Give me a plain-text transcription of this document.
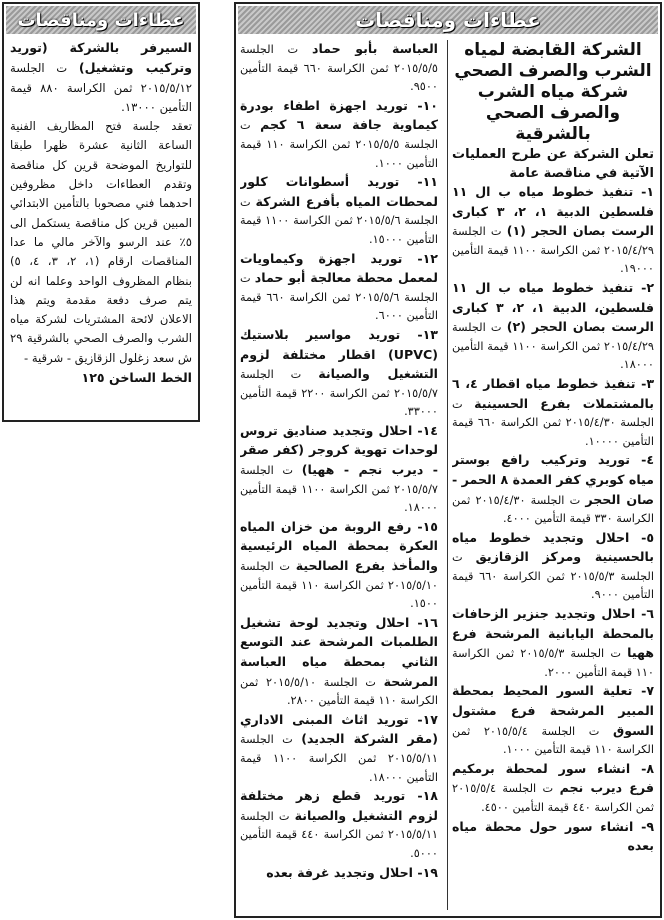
عطاءات ومناقصات

السيرفر بالشركة (توريد وتركيب وتشغيل) ت الجلسة ٢٠١٥/٥/١٢ ثمن الكراسة ٨٨٠ قيمة التأمين ١٣٠٠٠.

تعقد جلسة فتح المظاريف الفنية الساعة الثانية عشرة ظهرا طبقا للتواريخ الموضحة قرين كل مناقصة وتقدم العطاءات داخل مظروفين احدهما فني مصحوبا بالتأمين الابتدائي المبين قرين كل مناقصة يستكمل الى ٥٪ عند الرسو والآخر مالي ما عدا المناقصات ارقام (١، ٢، ٣، ٤، ٥) بنظام المظروف الواحد وعلما انه لن يتم صرف دفعة مقدمة ويتم هذا الاعلان لائحة المشتريات لشركة مياه الشرب والصرف الصحي بالشرقية ٢٩ ش سعد زغلول الزقازيق - شرقية -

الخط الساخن ١٢٥

عطاءات ومناقصات

الشركة القابضة لمياه الشرب والصرف الصحي شركة مياه الشرب والصرف الصحي بالشرقية

تعلن الشركة عن طرح العمليات الآتية في مناقصة عامة

١- تنفيذ خطوط مياه ب ال ١١ فلسطين الدبية ١، ٢، ٣ كبارى الرست بصان الحجر (١) ت الجلسة ٢٠١٥/٤/٢٩ ثمن الكراسة ١١٠٠ قيمة التأمين ١٩٠٠٠.

٢- تنفيذ خطوط مياه ب ال ١١ فلسطين، الدبية ١، ٢، ٣ كبارى الرست بصان الحجر (٢) ت الجلسة ٢٠١٥/٤/٢٩ ثمن الكراسة ١١٠٠ قيمة التأمين ١٨٠٠٠.

٣- تنفيذ خطوط مياه اقطار ٤، ٦ بالمشتملات بفرع الحسينية ت الجلسة ٢٠١٥/٤/٣٠ ثمن الكراسة ٦٦٠ قيمة التأمين ١٠٠٠٠.

٤- توريد وتركيب رافع بوستر مياه كوبري كفر العمدة ٨ الحمر - صان الحجر ت الجلسة ٢٠١٥/٤/٣٠ ثمن الكراسة ٣٣٠ قيمة التأمين ٤٠٠٠.

٥- احلال وتجديد خطوط مياه بالحسينية ومركز الزقازيق ت الجلسة ٢٠١٥/٥/٣ ثمن الكراسة ٦٦٠ قيمة التأمين ٩٠٠٠.

٦- احلال وتجديد جنزير الزحافات بالمحطة اليابانية المرشحة فرع ههيا ت الجلسة ٢٠١٥/٥/٣ ثمن الكراسة ١١٠ قيمة التأمين ٢٠٠٠.

٧- تعلية السور المحيط بمحطة المبير المرشحة فرع مشتول السوق ت الجلسة ٢٠١٥/٥/٤ ثمن الكراسة ١١٠ قيمة التأمين ١٠٠٠.

٨- انشاء سور لمحطة برمكيم فرع ديرب نجم ت الجلسة ٢٠١٥/٥/٤ ثمن الكراسة ٤٤٠ قيمة التأمين ٤٥٠٠.

٩- انشاء سور حول محطة مياه بعده

العباسة بأبو حماد ت الجلسة ٢٠١٥/٥/٥ ثمن الكراسة ٦٦٠ قيمة التأمين ٩٥٠٠.

١٠- توريد اجهزة اطفاء بودرة كيماوية جافة سعة ٦ كجم ت الجلسة ٢٠١٥/٥/٥ ثمن الكراسة ١١٠ قيمة التأمين ١٠٠٠.

١١- توريد أسطوانات كلور لمحطات المياه بأفرع الشركة ت الجلسة ٢٠١٥/٥/٦ ثمن الكراسة ١١٠٠ قيمة التأمين ١٥٠٠٠.

١٢- توريد اجهزة وكيماويات لمعمل محطة معالجة أبو حماد ت الجلسة ٢٠١٥/٥/٦ ثمن الكراسة ٦٦٠ قيمة التأمين ٦٠٠٠.

١٣- توريد مواسير بلاستيك (UPVC) اقطار مختلفة لزوم التشغيل والصيانة ت الجلسة ٢٠١٥/٥/٧ ثمن الكراسة ٢٢٠٠ قيمة التأمين ٣٣٠٠٠.

١٤- احلال وتجديد صناديق تروس لوحدات تهوية كروجر (كفر صقر - ديرب نجم - ههيا) ت الجلسة ٢٠١٥/٥/٧ ثمن الكراسة ١١٠٠ قيمة التأمين ١٨٠٠٠.

١٥- رفع الروبة من خزان المياه العكرة بمحطة المياه الرئيسية والمأخذ بفرع الصالحية ت الجلسة ٢٠١٥/٥/١٠ ثمن الكراسة ١١٠ قيمة التأمين ١٥٠٠.

١٦- احلال وتجديد لوحة تشغيل الطلمبات المرشحة عند التوسع الثاني بمحطة مياه العباسة المرشحة ت الجلسة ٢٠١٥/٥/١٠ ثمن الكراسة ١١٠ قيمة التأمين ٢٨٠٠.

١٧- توريد اثاث المبنى الاداري (مقر الشركة الجديد) ت الجلسة ٢٠١٥/٥/١١ ثمن الكراسة ١١٠٠ قيمة التأمين ١٨٠٠٠.

١٨- توريد قطع زهر مختلفة لزوم التشغيل والصيانة ت الجلسة ٢٠١٥/٥/١١ ثمن الكراسة ٤٤٠ قيمة التأمين ٥٠٠٠.

١٩- احلال وتجديد غرفة بعده
